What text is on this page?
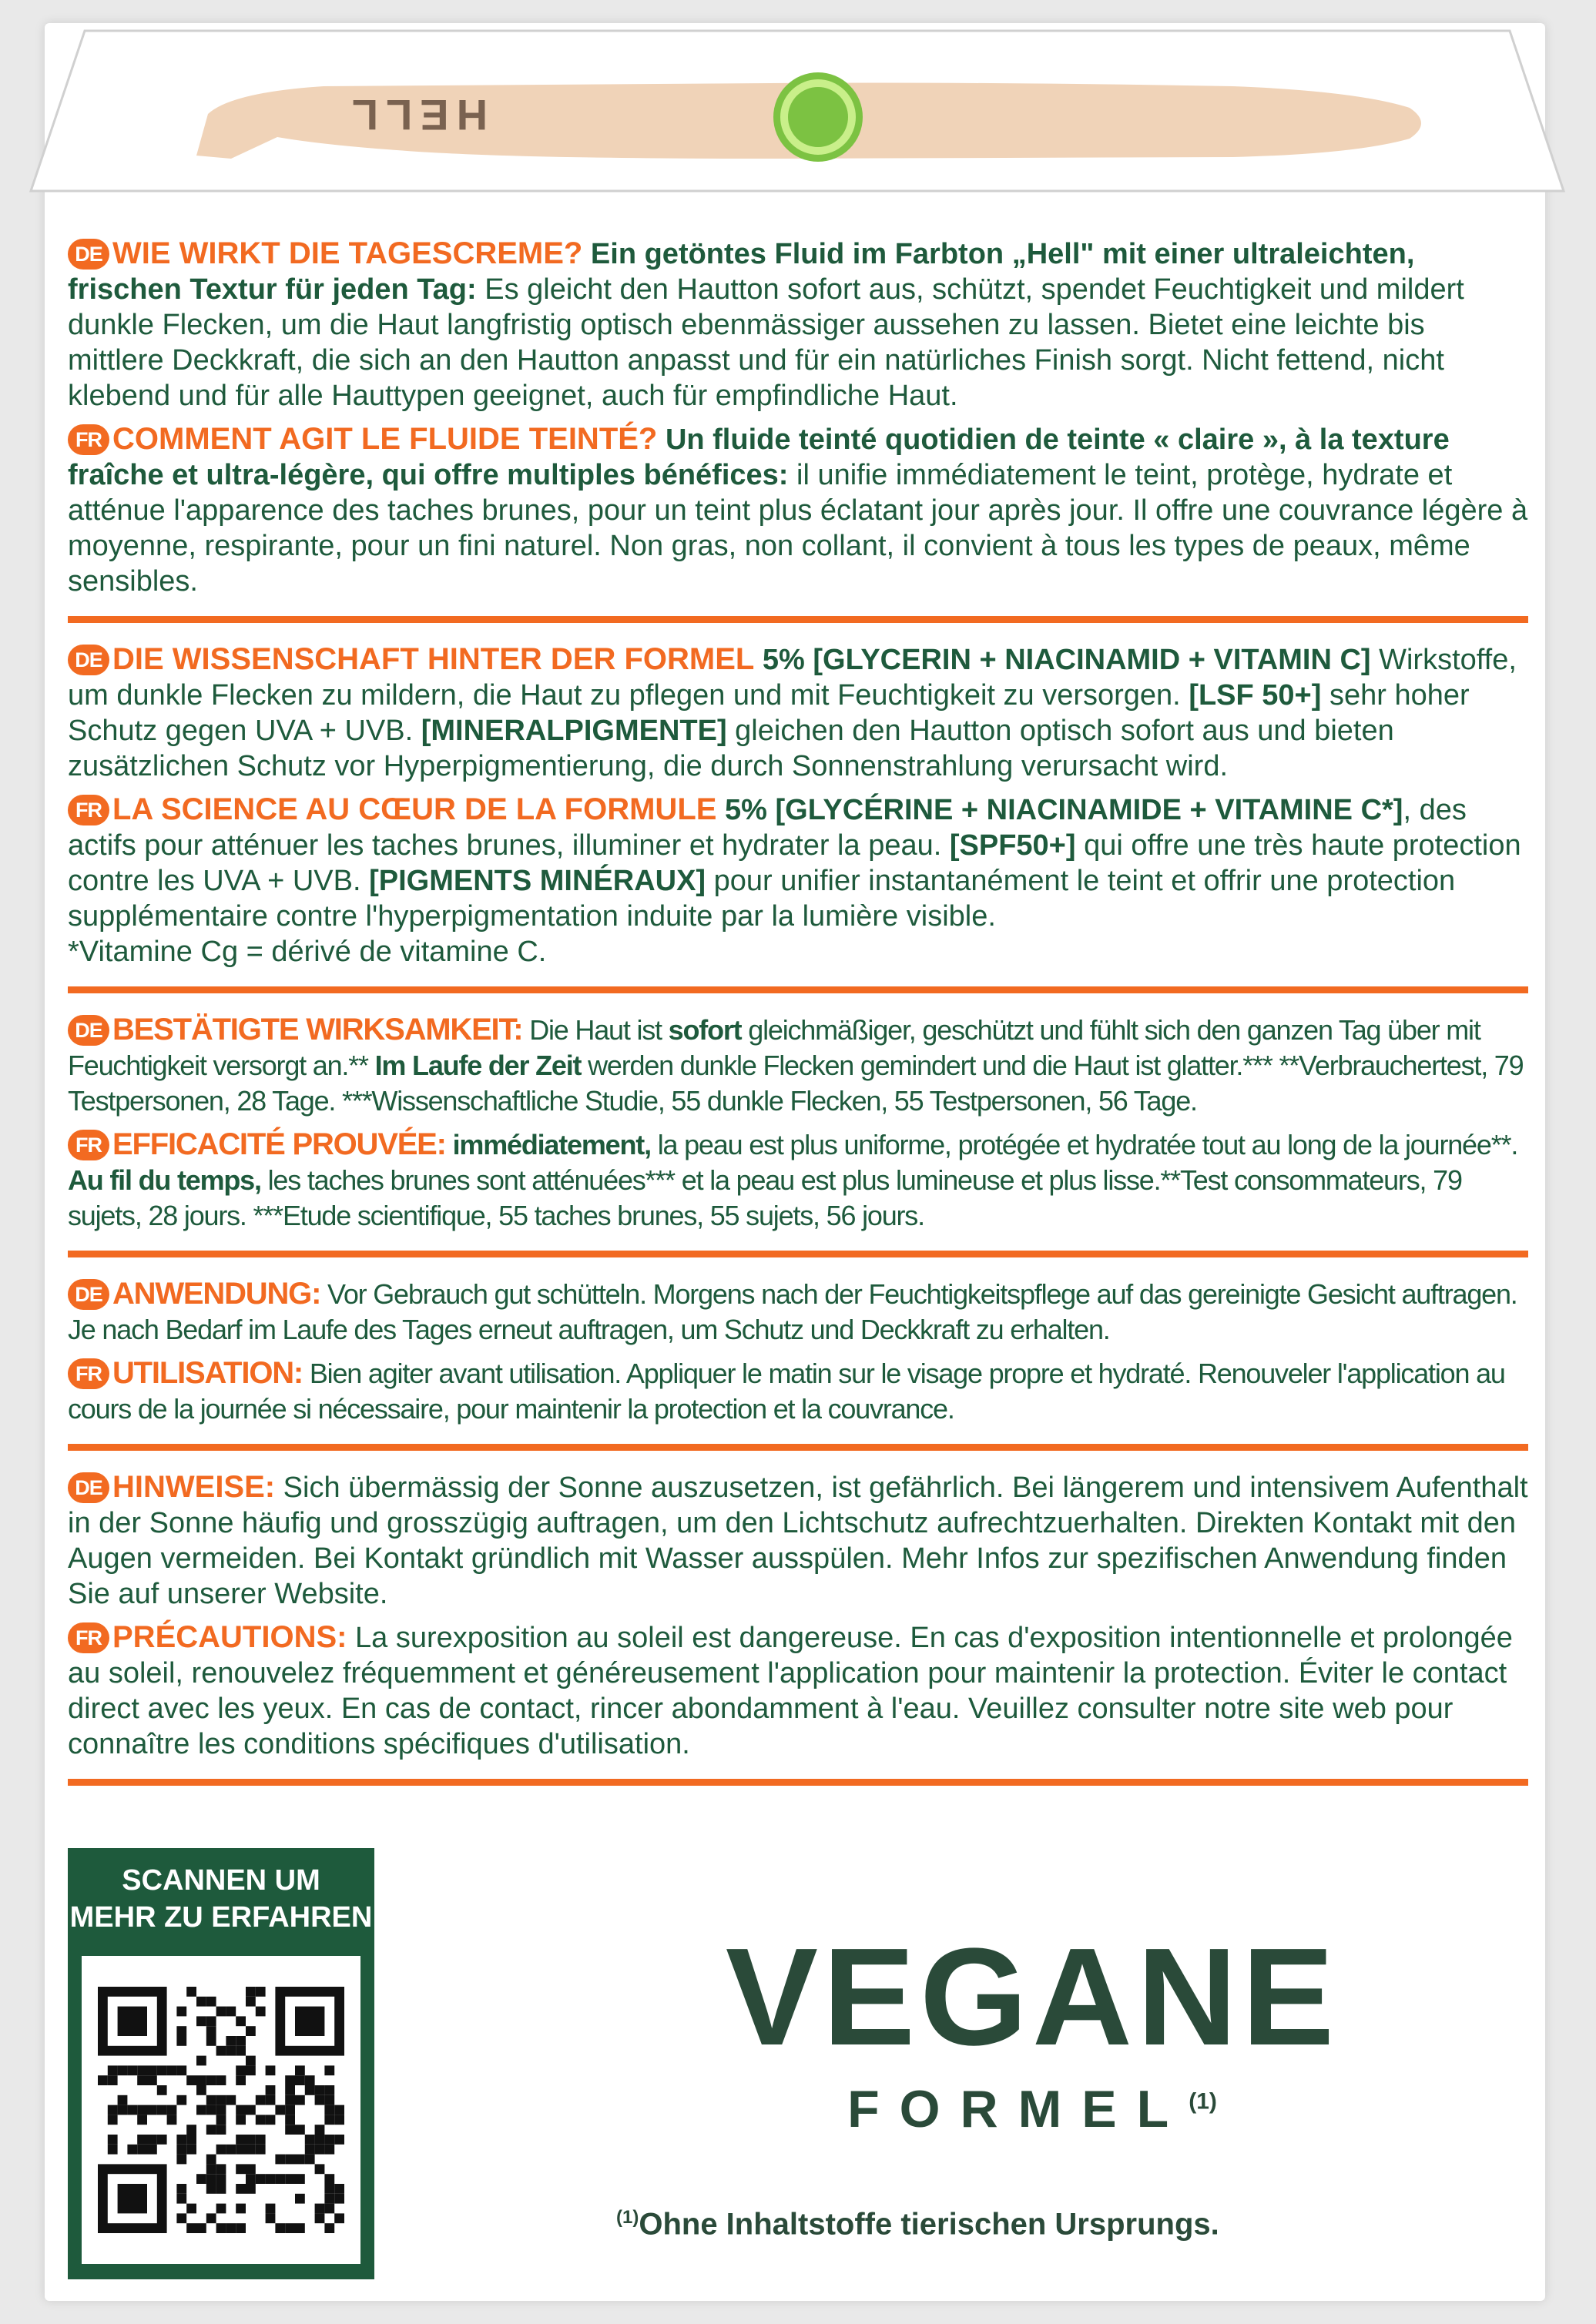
HELL

DE WIE WIRKT DIE TAGESCREME? Ein getöntes Fluid im Farbton „Hell" mit einer ultraleichten, frischen Textur für jeden Tag: Es gleicht den Hautton sofort aus, schützt, spendet Feuchtigkeit und mildert dunkle Flecken, um die Haut langfristig optisch ebenmässiger aussehen zu lassen. Bietet eine leichte bis mittlere Deckkraft, die sich an den Hautton anpasst und für ein natürliches Finish sorgt. Nicht fettend, nicht klebend und für alle Hauttypen geeignet, auch für empfindliche Haut.

FR COMMENT AGIT LE FLUIDE TEINTÉ? Un fluide teinté quotidien de teinte « claire », à la texture fraîche et ultra-légère, qui offre multiples bénéfices: il unifie immédiatement le teint, protège, hydrate et atténue l'apparence des taches brunes, pour un teint plus éclatant jour après jour. Il offre une couvrance légère à moyenne, respirante, pour un fini naturel. Non gras, non collant, il convient à tous les types de peaux, même sensibles.

DE DIE WISSENSCHAFT HINTER DER FORMEL 5% [GLYCERIN + NIACINAMID + VITAMIN C] Wirkstoffe, um dunkle Flecken zu mildern, die Haut zu pflegen und mit Feuchtigkeit zu versorgen. [LSF 50+] sehr hoher Schutz gegen UVA + UVB. [MINERALPIGMENTE] gleichen den Hautton optisch sofort aus und bieten zusätzlichen Schutz vor Hyperpigmentierung, die durch Sonnenstrahlung verursacht wird.

FR LA SCIENCE AU CŒUR DE LA FORMULE 5% [GLYCÉRINE + NIACINAMIDE + VITAMINE C*], des actifs pour atténuer les taches brunes, illuminer et hydrater la peau. [SPF50+] qui offre une très haute protection contre les UVA + UVB. [PIGMENTS MINÉRAUX] pour unifier instantanément le teint et offrir une protection supplémentaire contre l'hyperpigmentation induite par la lumière visible.
*Vitamine Cg = dérivé de vitamine C.

DE BESTÄTIGTE WIRKSAMKEIT: Die Haut ist sofort gleichmäßiger, geschützt und fühlt sich den ganzen Tag über mit Feuchtigkeit versorgt an.** Im Laufe der Zeit werden dunkle Flecken gemindert und die Haut ist glatter.*** **Verbrauchertest, 79 Testpersonen, 28 Tage. ***Wissenschaftliche Studie, 55 dunkle Flecken, 55 Testpersonen, 56 Tage.

FR EFFICACITÉ PROUVÉE: immédiatement, la peau est plus uniforme, protégée et hydratée tout au long de la journée**. Au fil du temps, les taches brunes sont atténuées*** et la peau est plus lumineuse et plus lisse.**Test consommateurs, 79 sujets, 28 jours. ***Etude scientifique, 55 taches brunes, 55 sujets, 56 jours.

DE ANWENDUNG: Vor Gebrauch gut schütteln. Morgens nach der Feuchtigkeitspflege auf das gereinigte Gesicht auftragen. Je nach Bedarf im Laufe des Tages erneut auftragen, um Schutz und Deckkraft zu erhalten.

FR UTILISATION: Bien agiter avant utilisation. Appliquer le matin sur le visage propre et hydraté. Renouveler l'application au cours de la journée si nécessaire, pour maintenir la protection et la couvrance.

DE HINWEISE: Sich übermässig der Sonne auszusetzen, ist gefährlich. Bei längerem und intensivem Aufenthalt in der Sonne häufig und grosszügig auftragen, um den Lichtschutz aufrechtzuerhalten. Direkten Kontakt mit den Augen vermeiden. Bei Kontakt gründlich mit Wasser ausspülen. Mehr Infos zur spezifischen Anwendung finden Sie auf unserer Website.

FR PRÉCAUTIONS: La surexposition au soleil est dangereuse. En cas d'exposition intentionnelle et prolongée au soleil, renouvelez fréquemment et généreusement l'application pour maintenir la protection. Éviter le contact direct avec les yeux. En cas de contact, rincer abondamment à l'eau. Veuillez consulter notre site web pour connaître les conditions spécifiques d'utilisation.

SCANNEN UM
MEHR ZU ERFAHREN
VEGANE
FORMEL$^{(1)}$
$^{(1)}$Ohne Inhaltstoffe tierischen Ursprungs.
